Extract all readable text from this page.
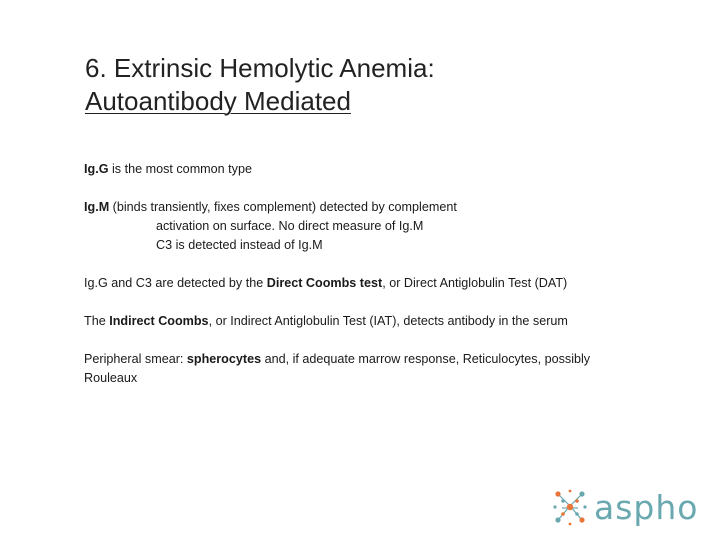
6. Extrinsic Hemolytic Anemia:
Autoantibody Mediated

Ig.G is the most common type

Ig.M (binds transiently, fixes complement) detected by complement
activation on surface. No direct measure of Ig.M
C3 is detected instead of Ig.M

Ig.G and C3 are detected by the Direct Coombs test, or Direct Antiglobulin Test (DAT)

The Indirect Coombs, or Indirect Antiglobulin Test (IAT), detects antibody in the serum

Peripheral smear: spherocytes and, if adequate marrow response, Reticulocytes, possibly Rouleaux

aspho
